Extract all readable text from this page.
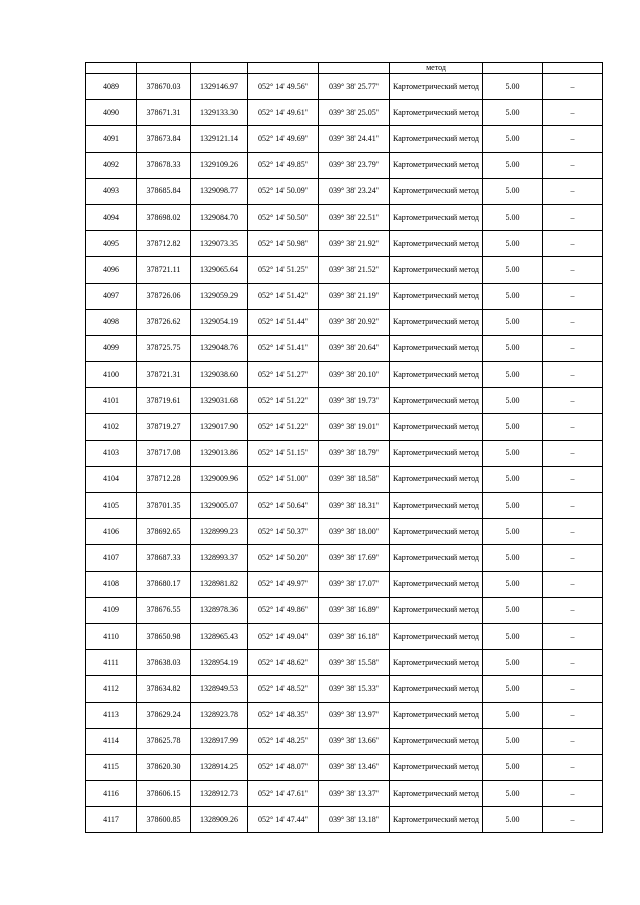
					метод		
4089	378670.03	1329146.97	052° 14' 49.56"	039° 38' 25.77"	Картометрический метод	5.00	–
4090	378671.31	1329133.30	052° 14' 49.61"	039° 38' 25.05"	Картометрический метод	5.00	–
4091	378673.84	1329121.14	052° 14' 49.69"	039° 38' 24.41"	Картометрический метод	5.00	–
4092	378678.33	1329109.26	052° 14' 49.85"	039° 38' 23.79"	Картометрический метод	5.00	–
4093	378685.84	1329098.77	052° 14' 50.09"	039° 38' 23.24"	Картометрический метод	5.00	–
4094	378698.02	1329084.70	052° 14' 50.50"	039° 38' 22.51"	Картометрический метод	5.00	–
4095	378712.82	1329073.35	052° 14' 50.98"	039° 38' 21.92"	Картометрический метод	5.00	–
4096	378721.11	1329065.64	052° 14' 51.25"	039° 38' 21.52"	Картометрический метод	5.00	–
4097	378726.06	1329059.29	052° 14' 51.42"	039° 38' 21.19"	Картометрический метод	5.00	–
4098	378726.62	1329054.19	052° 14' 51.44"	039° 38' 20.92"	Картометрический метод	5.00	–
4099	378725.75	1329048.76	052° 14' 51.41"	039° 38' 20.64"	Картометрический метод	5.00	–
4100	378721.31	1329038.60	052° 14' 51.27"	039° 38' 20.10"	Картометрический метод	5.00	–
4101	378719.61	1329031.68	052° 14' 51.22"	039° 38' 19.73"	Картометрический метод	5.00	–
4102	378719.27	1329017.90	052° 14' 51.22"	039° 38' 19.01"	Картометрический метод	5.00	–
4103	378717.08	1329013.86	052° 14' 51.15"	039° 38' 18.79"	Картометрический метод	5.00	–
4104	378712.28	1329009.96	052° 14' 51.00"	039° 38' 18.58"	Картометрический метод	5.00	–
4105	378701.35	1329005.07	052° 14' 50.64"	039° 38' 18.31"	Картометрический метод	5.00	–
4106	378692.65	1328999.23	052° 14' 50.37"	039° 38' 18.00"	Картометрический метод	5.00	–
4107	378687.33	1328993.37	052° 14' 50.20"	039° 38' 17.69"	Картометрический метод	5.00	–
4108	378680.17	1328981.82	052° 14' 49.97"	039° 38' 17.07"	Картометрический метод	5.00	–
4109	378676.55	1328978.36	052° 14' 49.86"	039° 38' 16.89"	Картометрический метод	5.00	–
4110	378650.98	1328965.43	052° 14' 49.04"	039° 38' 16.18"	Картометрический метод	5.00	–
4111	378638.03	1328954.19	052° 14' 48.62"	039° 38' 15.58"	Картометрический метод	5.00	–
4112	378634.82	1328949.53	052° 14' 48.52"	039° 38' 15.33"	Картометрический метод	5.00	–
4113	378629.24	1328923.78	052° 14' 48.35"	039° 38' 13.97"	Картометрический метод	5.00	–
4114	378625.78	1328917.99	052° 14' 48.25"	039° 38' 13.66"	Картометрический метод	5.00	–
4115	378620.30	1328914.25	052° 14' 48.07"	039° 38' 13.46"	Картометрический метод	5.00	–
4116	378606.15	1328912.73	052° 14' 47.61"	039° 38' 13.37"	Картометрический метод	5.00	–
4117	378600.85	1328909.26	052° 14' 47.44"	039° 38' 13.18"	Картометрический метод	5.00	–
